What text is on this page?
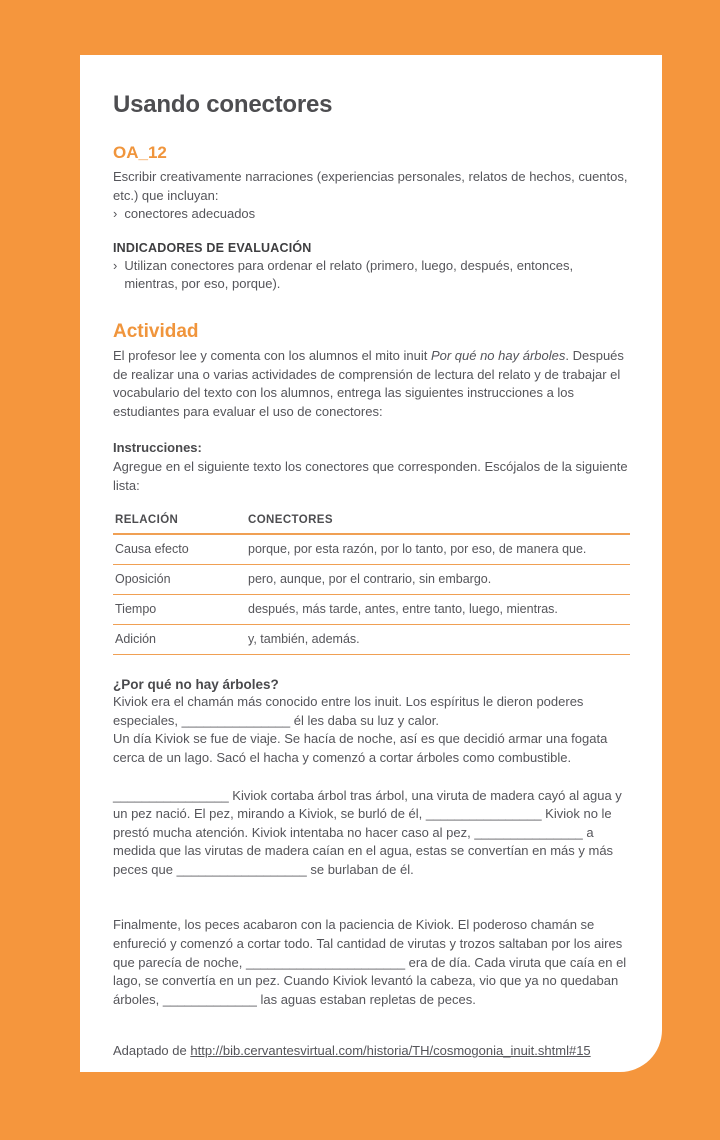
Usando conectores
OA_12

Escribir creativamente narraciones (experiencias personales, relatos de hechos, cuentos, etc.) que incluyan:

› conectores adecuados
INDICADORES DE EVALUACIÓN
› Utilizan conectores para ordenar el relato (primero, luego, después, entonces, mientras, por eso, porque).
Actividad

El profesor lee y comenta con los alumnos el mito inuit Por qué no hay árboles. Después de realizar una o varias actividades de comprensión de lectura del relato y de trabajar el vocabulario del texto con los alumnos, entrega las siguientes instrucciones a los estudiantes para evaluar el uso de conectores:

Instrucciones:

Agregue en el siguiente texto los conectores que corresponden. Escójalos de la siguiente lista:

RELACIÓN	CONECTORES
Causa efecto	porque, por esta razón, por lo tanto, por eso, de manera que.
Oposición	pero, aunque, por el contrario, sin embargo.
Tiempo	después, más tarde, antes, entre tanto, luego, mientras.
Adición	y, también, además.

¿Por qué no hay árboles?

Kiviok era el chamán más conocido entre los inuit. Los espíritus le dieron poderes especiales, _______________ él les daba su luz y calor.

Un día Kiviok se fue de viaje. Se hacía de noche, así es que decidió armar una fogata cerca de un lago. Sacó el hacha y comenzó a cortar árboles como combustible.

________________ Kiviok cortaba árbol tras árbol, una viruta de madera cayó al agua y un pez nació. El pez, mirando a Kiviok, se burló de él, ________________ Kiviok no le prestó mucha atención. Kiviok intentaba no hacer caso al pez, _______________ a medida que las virutas de madera caían en el agua, estas se convertían en más y más peces que __________________ se burlaban de él.

Finalmente, los peces acabaron con la paciencia de Kiviok. El poderoso chamán se enfureció y comenzó a cortar todo. Tal cantidad de virutas y trozos saltaban por los aires que parecía de noche, ______________________ era de día. Cada viruta que caía en el lago, se convertía en un pez. Cuando Kiviok levantó la cabeza, vio que ya no quedaban árboles, _____________ las aguas estaban repletas de peces.

Adaptado de http://bib.cervantesvirtual.com/historia/TH/cosmogonia_inuit.shtml#15
